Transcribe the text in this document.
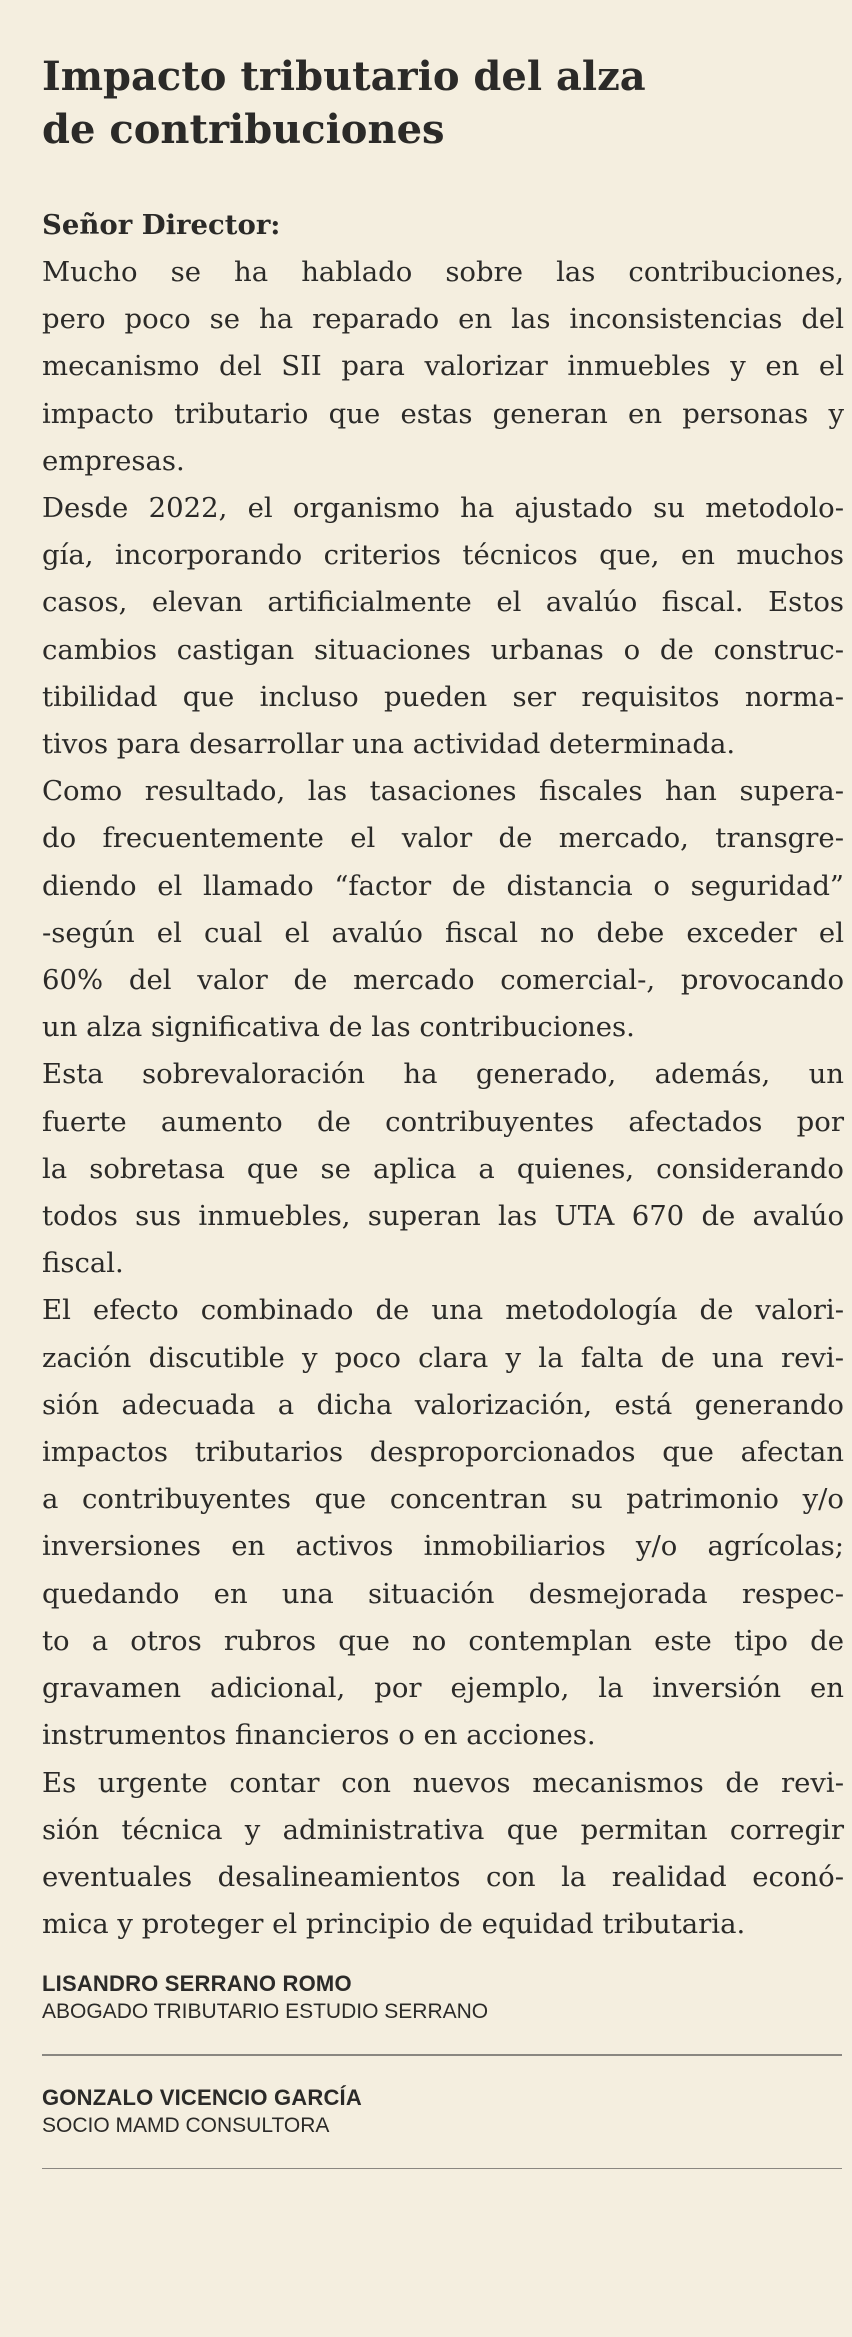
Impacto tributario del alza
de contribuciones
Señor Director:
Mucho se ha hablado sobre las contribuciones,
pero poco se ha reparado en las inconsistencias del
mecanismo del SII para valorizar inmuebles y en el
impacto tributario que estas generan en personas y
empresas.
Desde 2022, el organismo ha ajustado su metodolo-
gía, incorporando criterios técnicos que, en muchos
casos, elevan artificialmente el avalúo fiscal. Estos
cambios castigan situaciones urbanas o de construc-
tibilidad que incluso pueden ser requisitos norma-
tivos para desarrollar una actividad determinada.
Como resultado, las tasaciones fiscales han supera-
do frecuentemente el valor de mercado, transgre-
diendo el llamado “factor de distancia o seguridad”
-según el cual el avalúo fiscal no debe exceder el
60% del valor de mercado comercial-, provocando
un alza significativa de las contribuciones.
Esta sobrevaloración ha generado, además, un
fuerte aumento de contribuyentes afectados por
la sobretasa que se aplica a quienes, considerando
todos sus inmuebles, superan las UTA 670 de avalúo
fiscal.
El efecto combinado de una metodología de valori-
zación discutible y poco clara y la falta de una revi-
sión adecuada a dicha valorización, está generando
impactos tributarios desproporcionados que afectan
a contribuyentes que concentran su patrimonio y/o
inversiones en activos inmobiliarios y/o agrícolas;
quedando en una situación desmejorada respec-
to a otros rubros que no contemplan este tipo de
gravamen adicional, por ejemplo, la inversión en
instrumentos financieros o en acciones.
Es urgente contar con nuevos mecanismos de revi-
sión técnica y administrativa que permitan corregir
eventuales desalineamientos con la realidad econó-
mica y proteger el principio de equidad tributaria.
LISANDRO SERRANO ROMO
ABOGADO TRIBUTARIO ESTUDIO SERRANO
GONZALO VICENCIO GARCÍA
SOCIO MAMD CONSULTORA
